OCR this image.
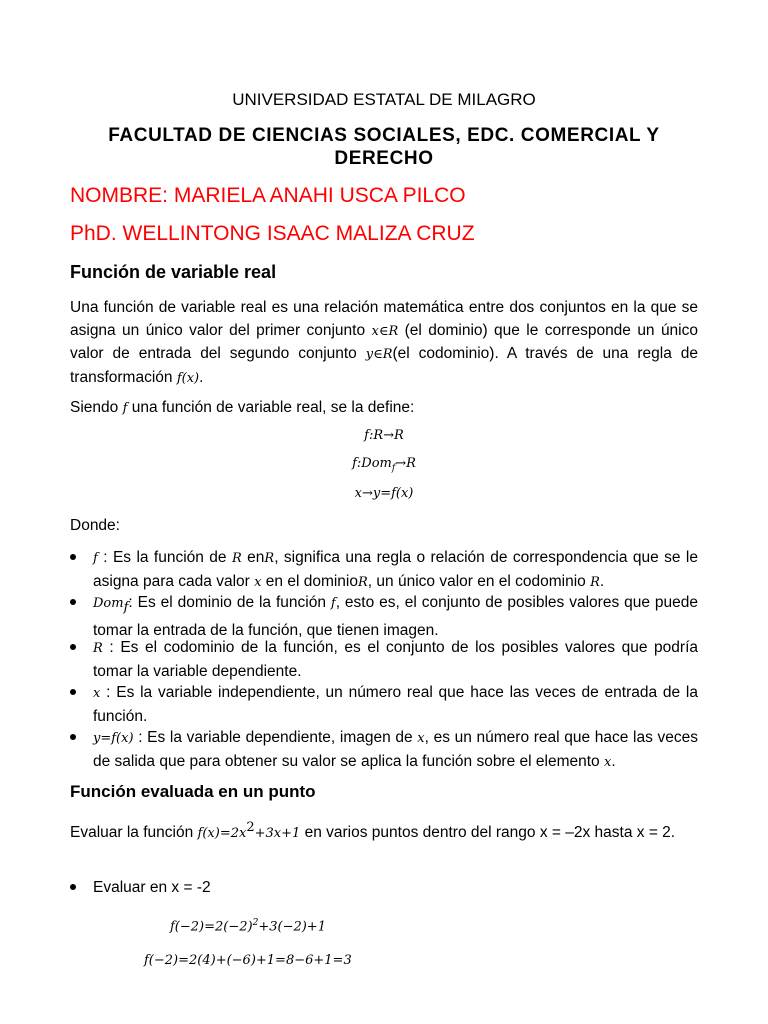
UNIVERSIDAD ESTATAL DE MILAGRO
FACULTAD DE CIENCIAS SOCIALES, EDC. COMERCIAL Y DERECHO
NOMBRE: MARIELA ANAHI USCA PILCO
PhD. WELLINTONG ISAAC MALIZA CRUZ
Función de variable real
Una función de variable real es una relación matemática entre dos conjuntos en la que se asigna un único valor del primer conjunto x∈R (el dominio) que le corresponde un único valor de entrada del segundo conjunto y∈R(el codominio). A través de una regla de transformación f(x).
Siendo f una función de variable real, se la define:
f:R→R
f:Dom$_f$→R
x→y=f(x)
Donde:
f : Es la función de R enR, significa una regla o relación de correspondencia que se le asigna para cada valor x en el dominioR, un único valor en el codominio R.
Dom$_f$: Es el dominio de la función f, esto es, el conjunto de posibles valores que puede tomar la entrada de la función, que tienen imagen.
R : Es el codominio de la función, es el conjunto de los posibles valores que podría tomar la variable dependiente.
x : Es la variable independiente, un número real que hace las veces de entrada de la función.
y=f(x) : Es la variable dependiente, imagen de x, es un número real que hace las veces de salida que para obtener su valor se aplica la función sobre el elemento x.
Función evaluada en un punto
Evaluar la función $f(x)=2x^2+3x+1$ en varios puntos dentro del rango x = –2x hasta x = 2.
Evaluar en x = -2
$f(-2)=2(-2)^2+3(-2)+1$
f(−2)=2(4)+(−6)+1=8−6+1=3
